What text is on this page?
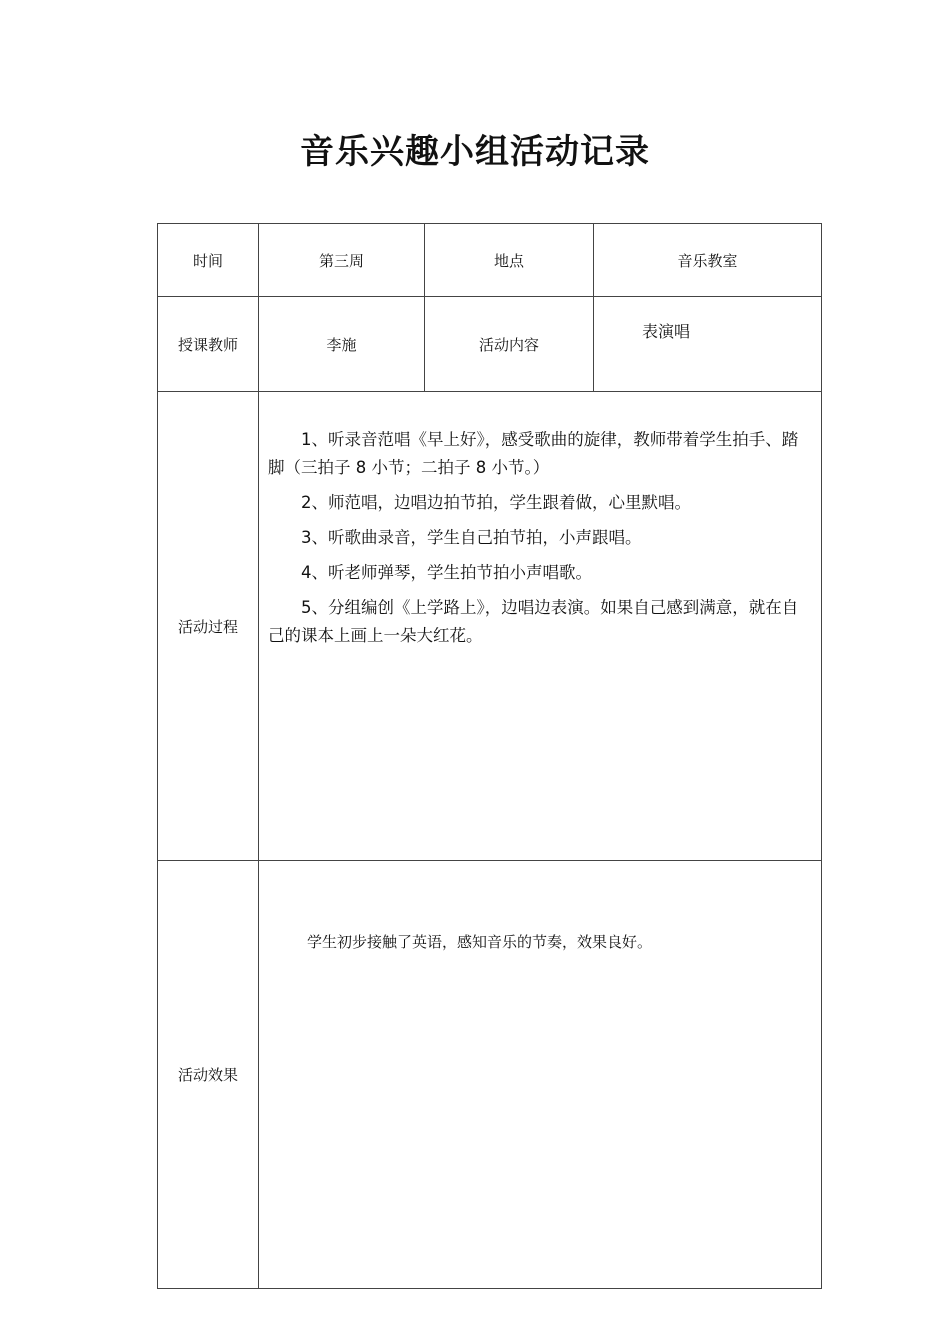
音乐兴趣小组活动记录
时间	第三周	地点	音乐教室
授课教师	李施	活动内容	表演唱
活动过程	1、听录音范唱《早上好》，感受歌曲的旋律，教师带着学生拍手、踏脚（三拍子 8 小节；二拍子 8 小节。）

2、师范唱，边唱边拍节拍，学生跟着做，心里默唱。

3、听歌曲录音，学生自己拍节拍，小声跟唱。

4、听老师弹琴，学生拍节拍小声唱歌。

5、分组编创《上学路上》，边唱边表演。如果自己感到满意，就在自己的课本上画上一朵大红花。		

活动效果	学生初步接触了英语，感知音乐的节奏，效果良好。		
